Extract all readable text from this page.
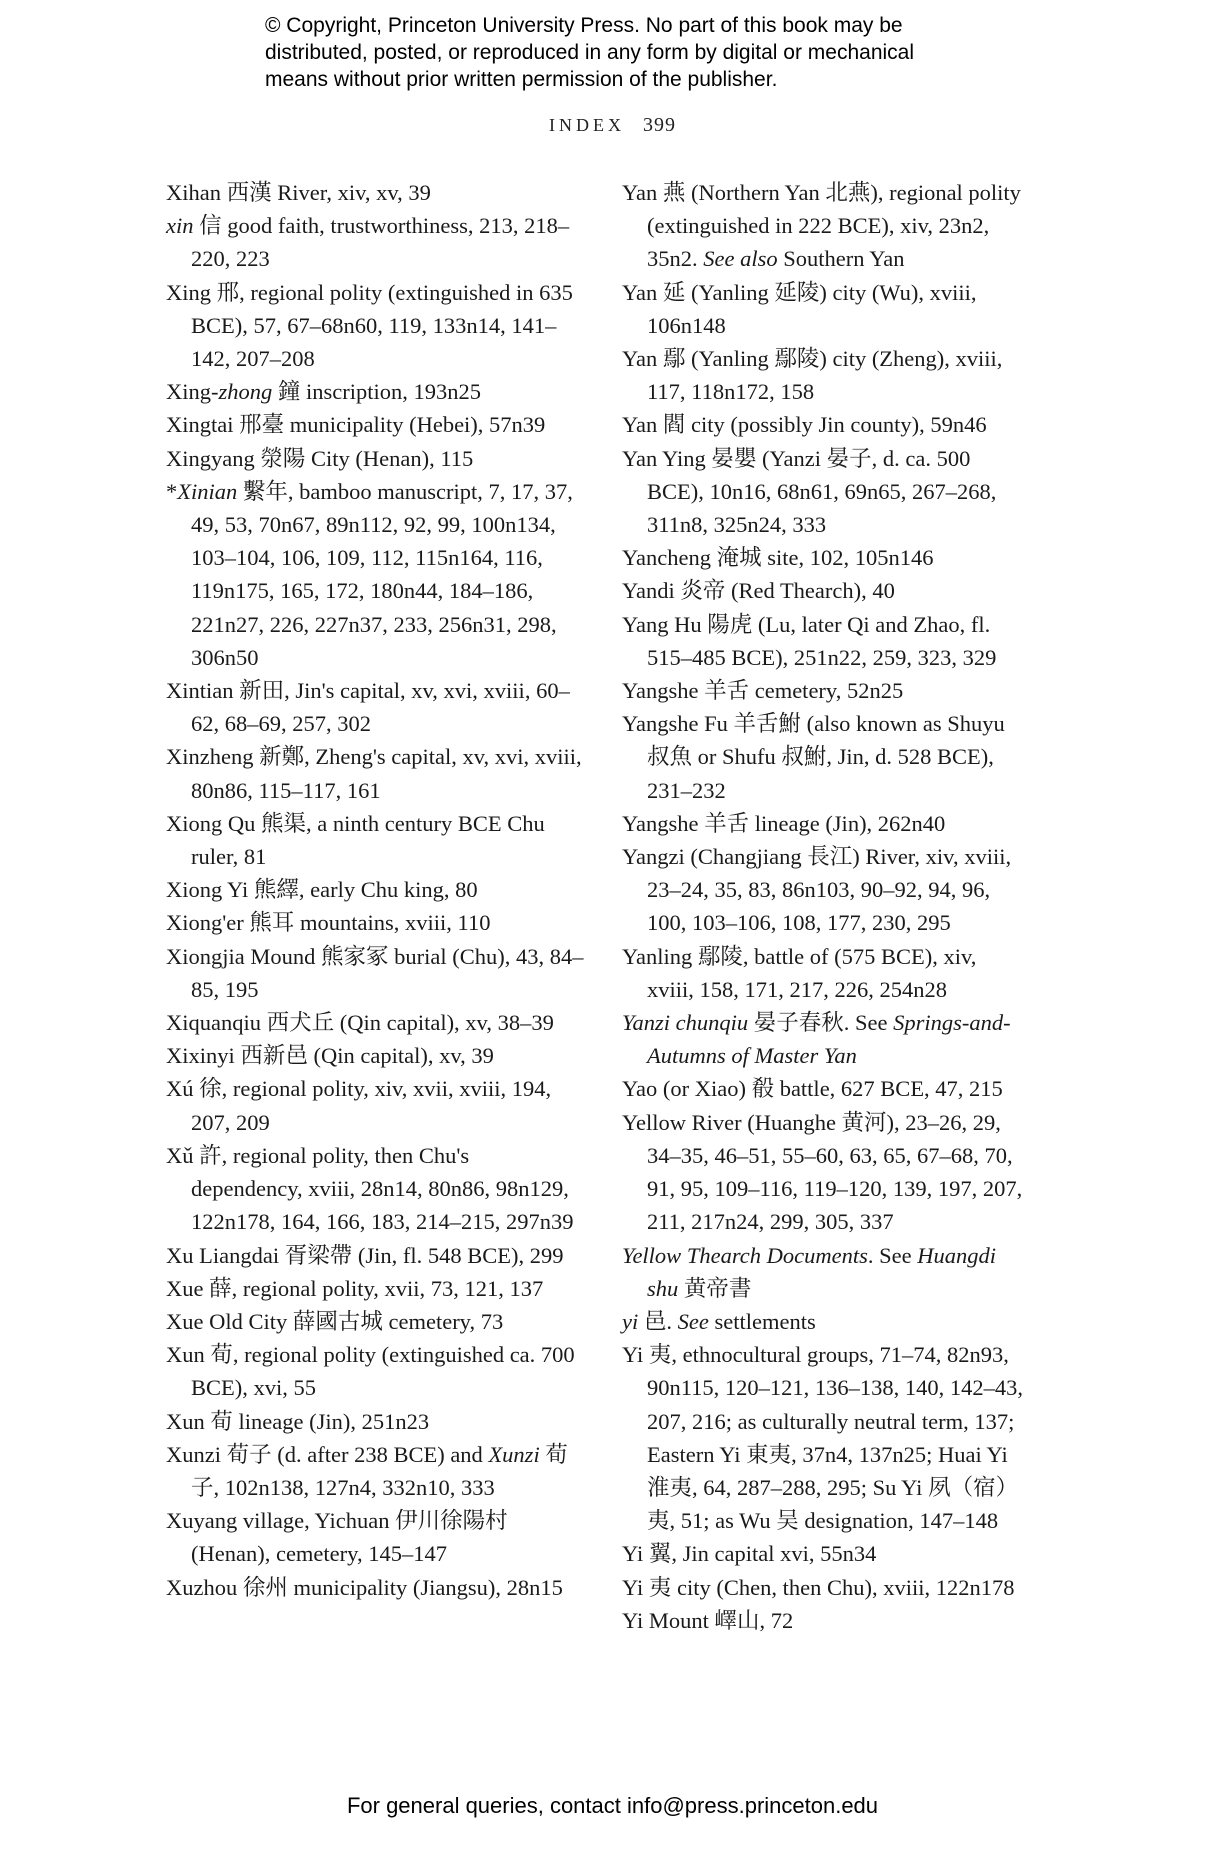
© Copyright, Princeton University Press. No part of this book may be
distributed, posted, or reproduced in any form by digital or mechanical
means without prior written permission of the publisher.
INDEX 399

Xihan 西漢 River, xiv, xv, 39

xin 信 good faith, trustworthiness, 213, 218–220, 223

Xing 邢, regional polity (extinguished in 635 BCE), 57, 67–68n60, 119, 133n14, 141–142, 207–208

Xing-zhong 鐘 inscription, 193n25

Xingtai 邢臺 municipality (Hebei), 57n39

Xingyang 滎陽 City (Henan), 115

*Xinian 繫年, bamboo manuscript, 7, 17, 37, 49, 53, 70n67, 89n112, 92, 99, 100n134, 103–104, 106, 109, 112, 115n164, 116, 119n175, 165, 172, 180n44, 184–186, 221n27, 226, 227n37, 233, 256n31, 298, 306n50

Xintian 新田, Jin's capital, xv, xvi, xviii, 60–62, 68–69, 257, 302

Xinzheng 新鄭, Zheng's capital, xv, xvi, xviii, 80n86, 115–117, 161

Xiong Qu 熊渠, a ninth century BCE Chu ruler, 81

Xiong Yi 熊繹, early Chu king, 80

Xiong'er 熊耳 mountains, xviii, 110

Xiongjia Mound 熊家冢 burial (Chu), 43, 84–85, 195

Xiquanqiu 西犬丘 (Qin capital), xv, 38–39

Xixinyi 西新邑 (Qin capital), xv, 39

Xú 徐, regional polity, xiv, xvii, xviii, 194, 207, 209

Xǔ 許, regional polity, then Chu's dependency, xviii, 28n14, 80n86, 98n129, 122n178, 164, 166, 183, 214–215, 297n39

Xu Liangdai 胥梁帶 (Jin, fl. 548 BCE), 299

Xue 薛, regional polity, xvii, 73, 121, 137

Xue Old City 薛國古城 cemetery, 73

Xun 荀, regional polity (extinguished ca. 700 BCE), xvi, 55

Xun 荀 lineage (Jin), 251n23

Xunzi 荀子 (d. after 238 BCE) and Xunzi 荀子, 102n138, 127n4, 332n10, 333

Xuyang village, Yichuan 伊川徐陽村 (Henan), cemetery, 145–147

Xuzhou 徐州 municipality (Jiangsu), 28n15

Yan 燕 (Northern Yan 北燕), regional polity (extinguished in 222 BCE), xiv, 23n2, 35n2. See also Southern Yan

Yan 延 (Yanling 延陵) city (Wu), xviii, 106n148

Yan 鄢 (Yanling 鄢陵) city (Zheng), xviii, 117, 118n172, 158

Yan 閻 city (possibly Jin county), 59n46

Yan Ying 晏嬰 (Yanzi 晏子, d. ca. 500 BCE), 10n16, 68n61, 69n65, 267–268, 311n8, 325n24, 333

Yancheng 淹城 site, 102, 105n146

Yandi 炎帝 (Red Thearch), 40

Yang Hu 陽虎 (Lu, later Qi and Zhao, fl. 515–485 BCE), 251n22, 259, 323, 329

Yangshe 羊舌 cemetery, 52n25

Yangshe Fu 羊舌鮒 (also known as Shuyu 叔魚 or Shufu 叔鮒, Jin, d. 528 BCE), 231–232

Yangshe 羊舌 lineage (Jin), 262n40

Yangzi (Changjiang 長江) River, xiv, xviii, 23–24, 35, 83, 86n103, 90–92, 94, 96, 100, 103–106, 108, 177, 230, 295

Yanling 鄢陵, battle of (575 BCE), xiv, xviii, 158, 171, 217, 226, 254n28

Yanzi chunqiu 晏子春秋. See Springs-and-Autumns of Master Yan

Yao (or Xiao) 殽 battle, 627 BCE, 47, 215

Yellow River (Huanghe 黄河), 23–26, 29, 34–35, 46–51, 55–60, 63, 65, 67–68, 70, 91, 95, 109–116, 119–120, 139, 197, 207, 211, 217n24, 299, 305, 337

Yellow Thearch Documents. See Huangdi shu 黄帝書

yi 邑. See settlements

Yi 夷, ethnocultural groups, 71–74, 82n93, 90n115, 120–121, 136–138, 140, 142–43, 207, 216; as culturally neutral term, 137; Eastern Yi 東夷, 37n4, 137n25; Huai Yi 淮夷, 64, 287–288, 295; Su Yi 夙（宿）夷, 51; as Wu 吴 designation, 147–148

Yi 翼, Jin capital xvi, 55n34

Yi 夷 city (Chen, then Chu), xviii, 122n178

Yi Mount 嶧山, 72

For general queries, contact info@press.princeton.edu
